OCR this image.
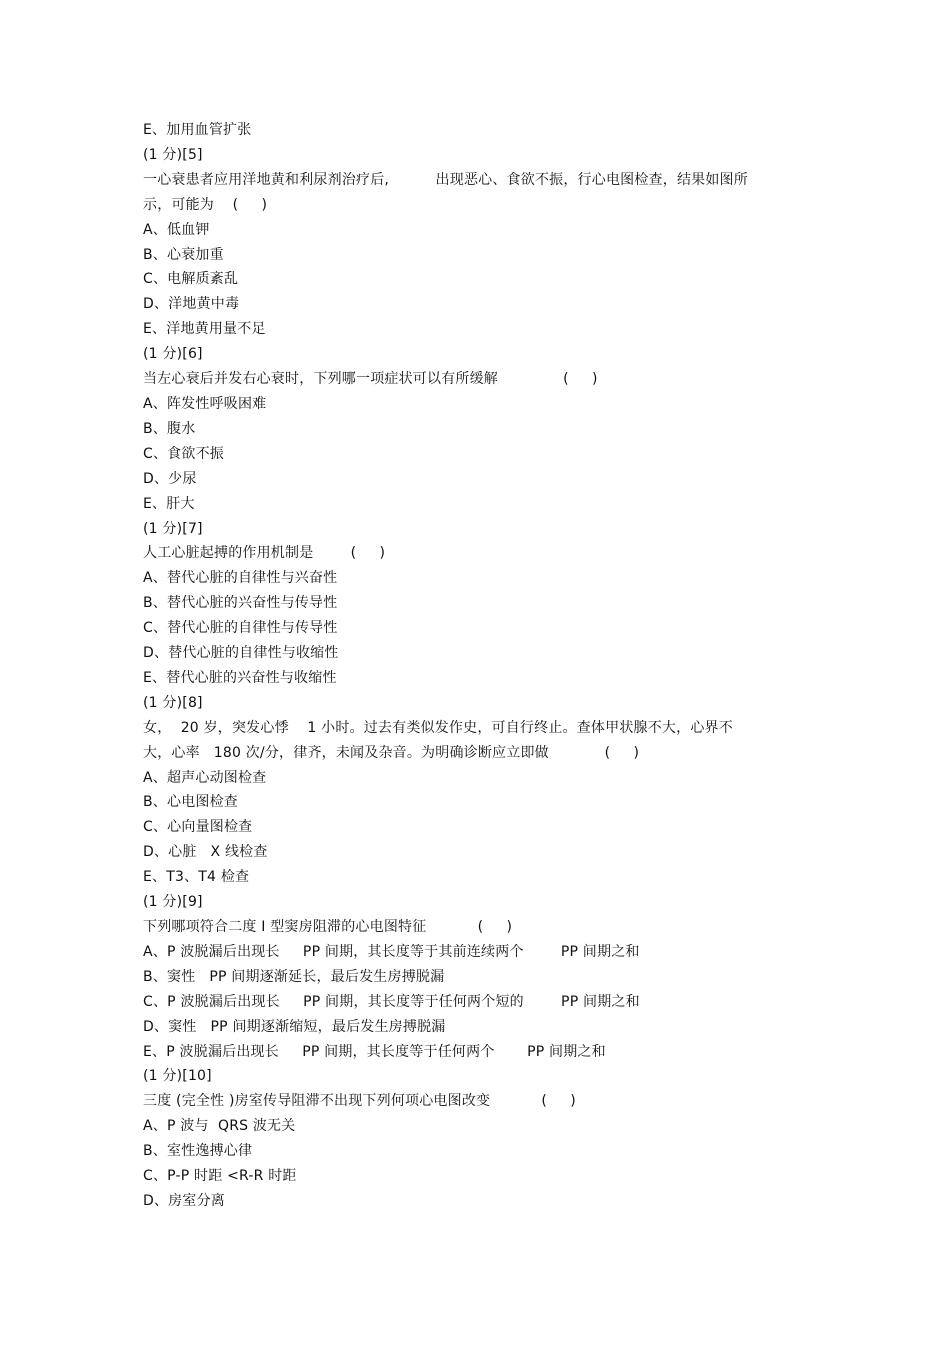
E、加用血管扩张
(1 分)[5]
一心衰患者应用洋地黄和利尿剂治疗后,          出现恶心、食欲不振，行心电图检查，结果如图所
示，可能为    (     )
A、低血钾
B、心衰加重
C、电解质紊乱
D、洋地黄中毒
E、洋地黄用量不足
(1 分)[6]
当左心衰后并发右心衰时，下列哪一项症状可以有所缓解              (     )
A、阵发性呼吸困难
B、腹水
C、食欲不振
D、少尿
E、肝大
(1 分)[7]
人工心脏起搏的作用机制是        (     )
A、替代心脏的自律性与兴奋性
B、替代心脏的兴奋性与传导性
C、替代心脏的自律性与传导性
D、替代心脏的自律性与收缩性
E、替代心脏的兴奋性与收缩性
(1 分)[8]
女，  20 岁，突发心悸    1 小时。过去有类似发作史，可自行终止。查体甲状腺不大，心界不
大，心率   180 次/分，律齐，未闻及杂音。为明确诊断应立即做            (     )
A、超声心动图检查
B、心电图检查
C、心向量图检查
D、心脏   X 线检查
E、T3、T4 检查
(1 分)[9]
下列哪项符合二度 I 型窦房阻滞的心电图特征           (     )
A、P 波脱漏后出现长     PP 间期，其长度等于其前连续两个        PP 间期之和
B、窦性   PP 间期逐渐延长，最后发生房搏脱漏
C、P 波脱漏后出现长     PP 间期，其长度等于任何两个短的        PP 间期之和
D、窦性   PP 间期逐渐缩短，最后发生房搏脱漏
E、P 波脱漏后出现长     PP 间期，其长度等于任何两个       PP 间期之和
(1 分)[10]
三度 (完全性 )房室传导阻滞不出现下列何项心电图改变           (     )
A、P 波与  QRS 波无关
B、室性逸搏心律
C、P-P 时距 <R-R 时距
D、房室分离
